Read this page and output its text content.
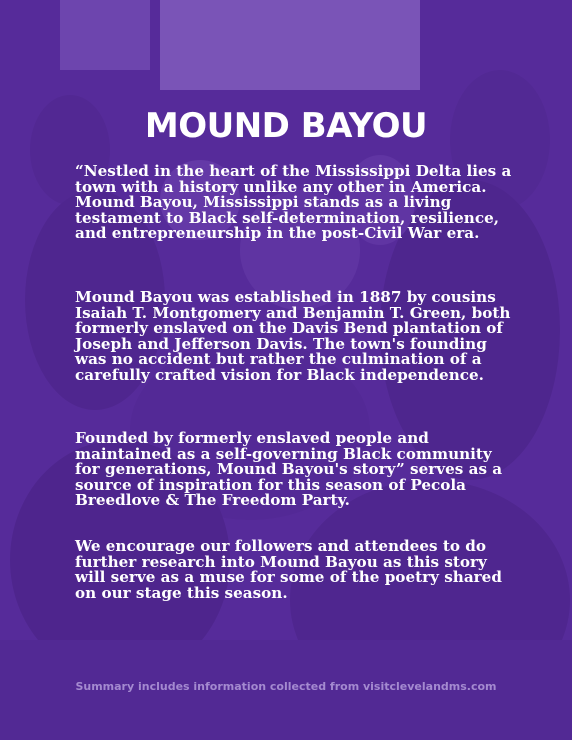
MOUND BAYOU

“Nestled in the heart of the Mississippi Delta lies a town with a history unlike any other in America. Mound Bayou, Mississippi stands as a living testament to Black self-determination, resilience, and entrepreneurship in the post-Civil War era.

Mound Bayou was established in 1887 by cousins Isaiah T. Montgomery and Benjamin T. Green, both formerly enslaved on the Davis Bend plantation of Joseph and Jefferson Davis. The town's founding was no accident but rather the culmination of a carefully crafted vision for Black independence.

Founded by formerly enslaved people and maintained as a self-governing Black community for generations, Mound Bayou's story” serves as a source of inspiration for this season of Pecola Breedlove & The Freedom Party.

We encourage our followers and attendees to do further research into Mound Bayou as this story will serve as a muse for some of the poetry shared on our stage this season.

Summary includes information collected from visitclevelandms.com
